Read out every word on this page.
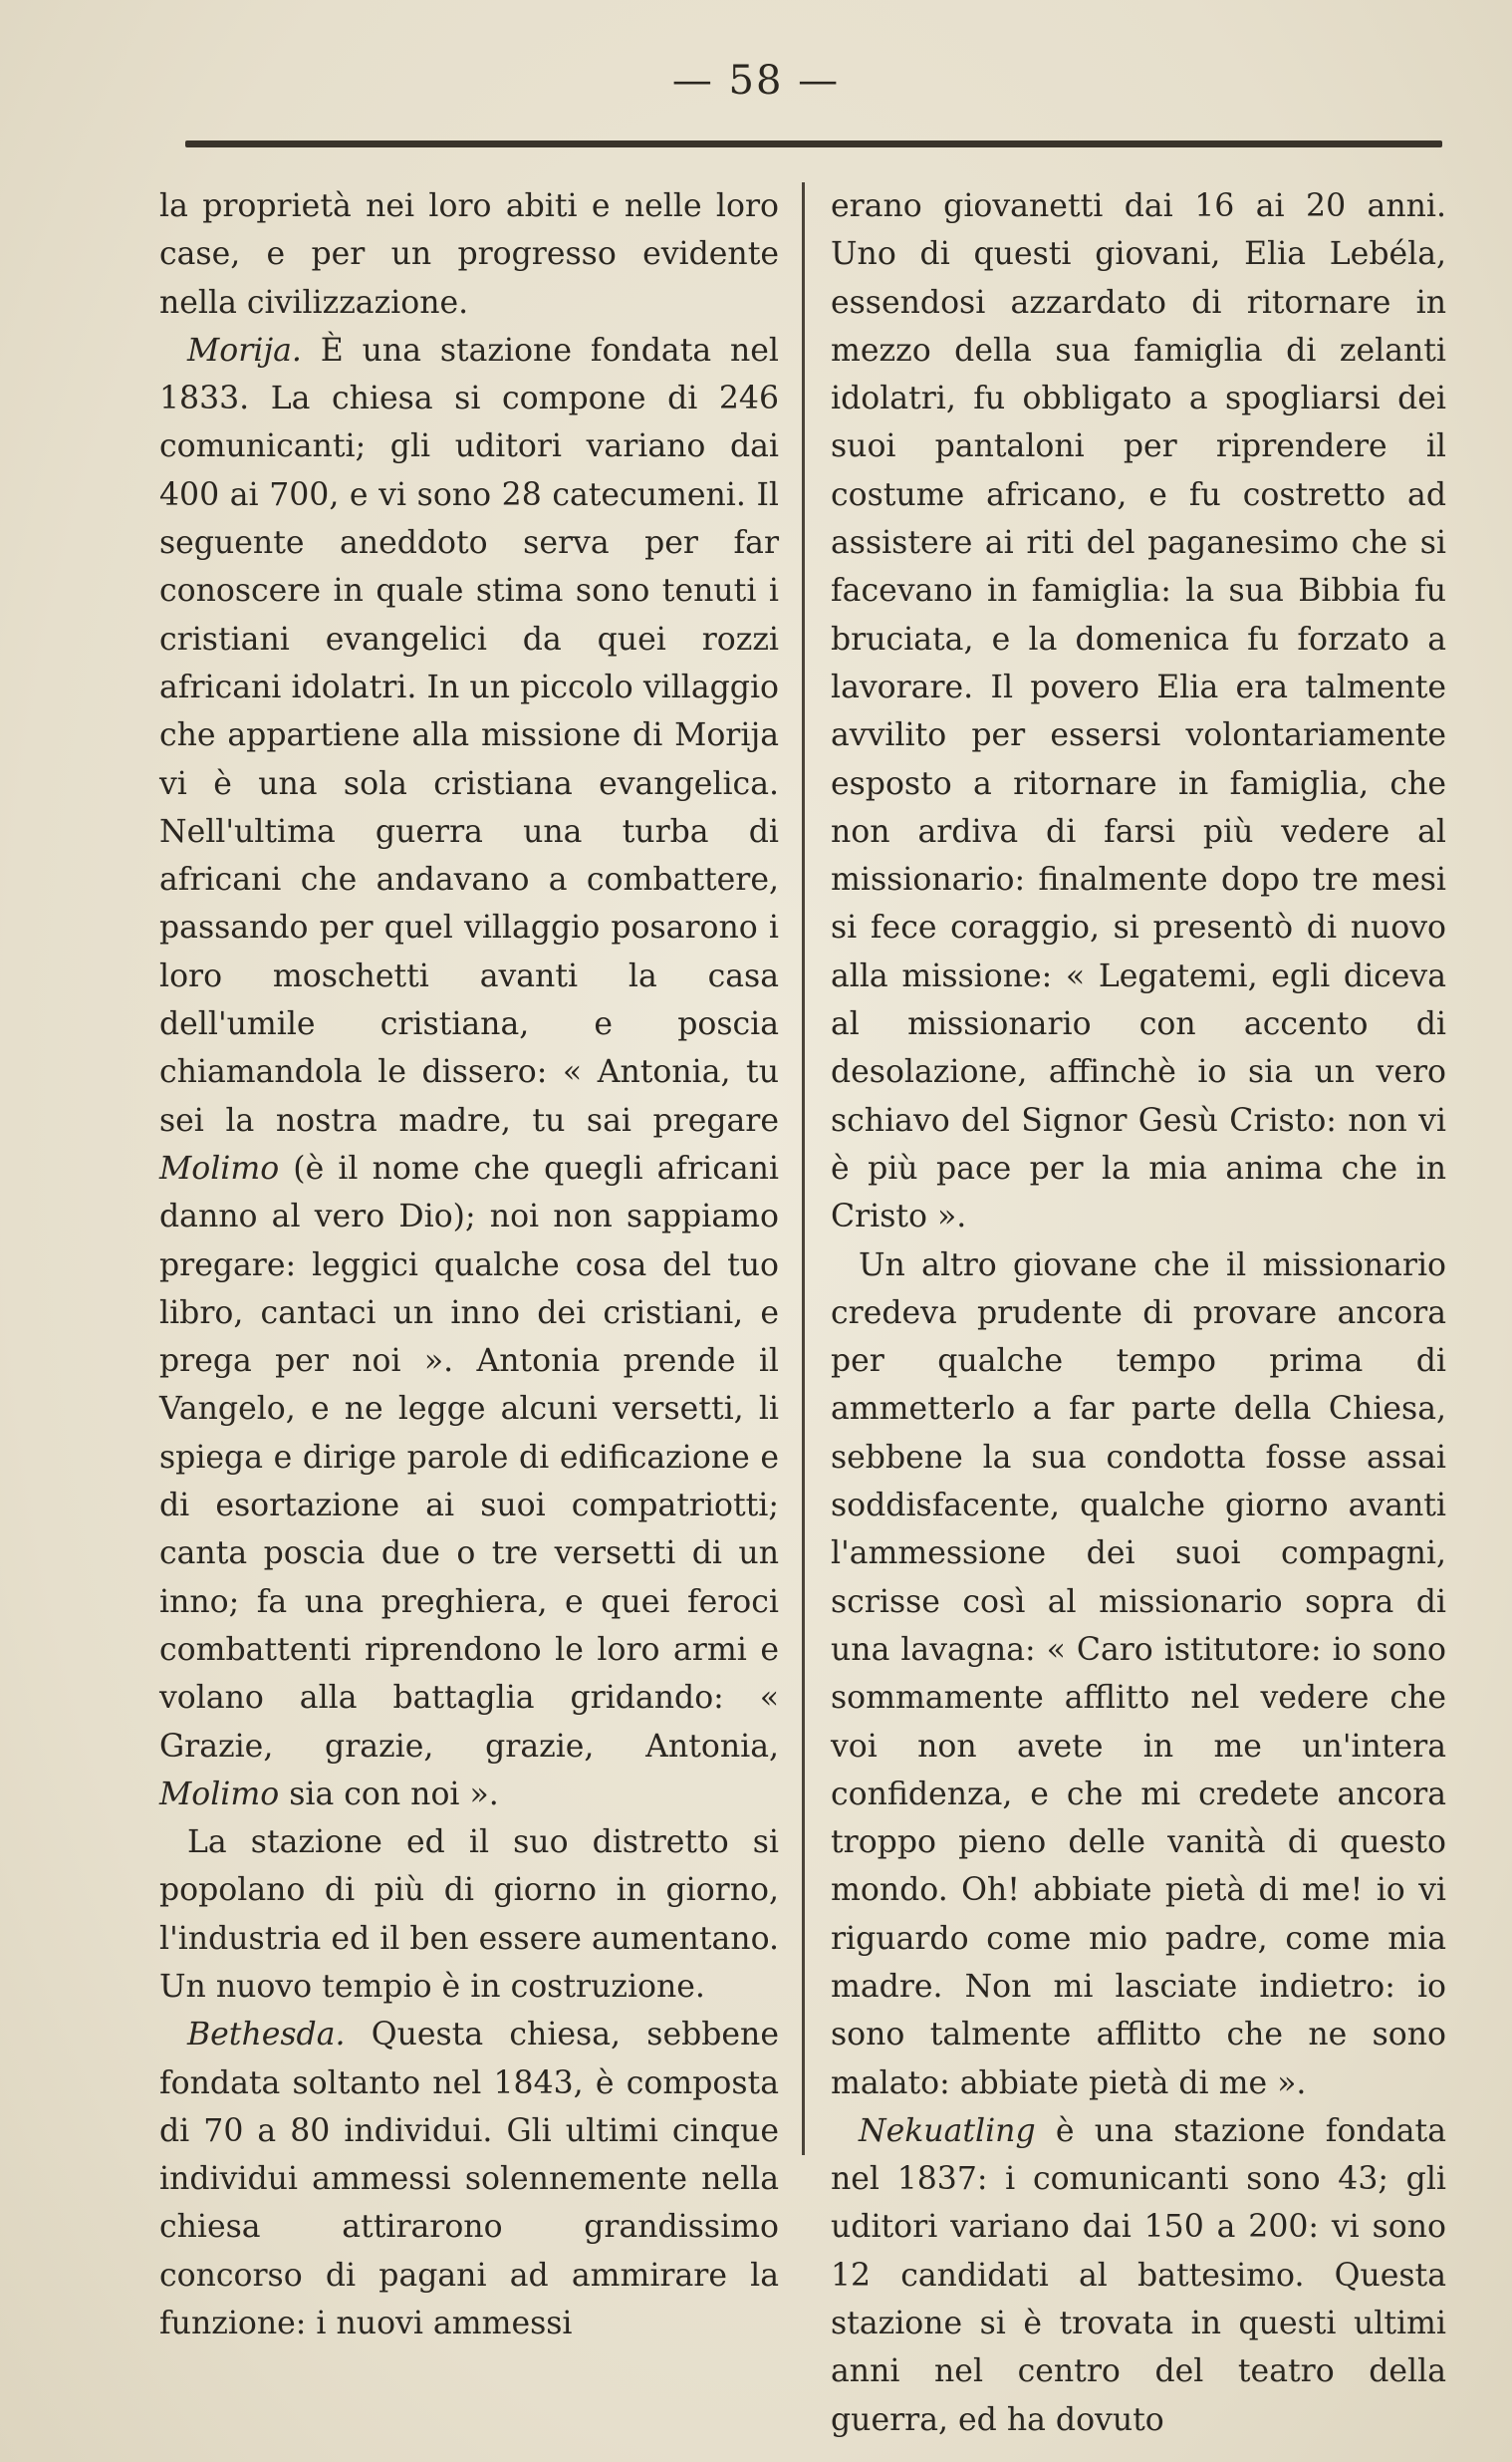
— 58 —

la proprietà nei loro abiti e nelle loro case, e per un progresso evidente nella civilizzazione.

Morija. È una stazione fondata nel 1833. La chiesa si compone di 246 comunicanti; gli uditori variano dai 400 ai 700, e vi sono 28 catecumeni. Il seguente aneddoto serva per far conoscere in quale stima sono tenuti i cristiani evangelici da quei rozzi africani idolatri. In un piccolo villaggio che appartiene alla missione di Morija vi è una sola cristiana evangelica. Nell'ultima guerra una turba di africani che andavano a combattere, passando per quel villaggio posarono i loro moschetti avanti la casa dell'umile cristiana, e poscia chiamandola le dissero: « Antonia, tu sei la nostra madre, tu sai pregare Molimo (è il nome che quegli africani danno al vero Dio); noi non sappiamo pregare: leggici qualche cosa del tuo libro, cantaci un inno dei cristiani, e prega per noi ». Antonia prende il Vangelo, e ne legge alcuni versetti, li spiega e dirige parole di edificazione e di esortazione ai suoi compatriotti; canta poscia due o tre versetti di un inno; fa una preghiera, e quei feroci combattenti riprendono le loro armi e volano alla battaglia gridando: « Grazie, grazie, grazie, Antonia, Molimo sia con noi ».

La stazione ed il suo distretto si popolano di più di giorno in giorno, l'industria ed il ben essere aumentano. Un nuovo tempio è in costruzione.

Bethesda. Questa chiesa, sebbene fondata soltanto nel 1843, è composta di 70 a 80 individui. Gli ultimi cinque individui ammessi solennemente nella chiesa attirarono grandissimo concorso di pagani ad ammirare la funzione: i nuovi ammessi

erano giovanetti dai 16 ai 20 anni. Uno di questi giovani, Elia Lebéla, essendosi azzardato di ritornare in mezzo della sua famiglia di zelanti idolatri, fu obbligato a spogliarsi dei suoi pantaloni per riprendere il costume africano, e fu costretto ad assistere ai riti del paganesimo che si facevano in famiglia: la sua Bibbia fu bruciata, e la domenica fu forzato a lavorare. Il povero Elia era talmente avvilito per essersi volontariamente esposto a ritornare in famiglia, che non ardiva di farsi più vedere al missionario: finalmente dopo tre mesi si fece coraggio, si presentò di nuovo alla missione: « Legatemi, egli diceva al missionario con accento di desolazione, affinchè io sia un vero schiavo del Signor Gesù Cristo: non vi è più pace per la mia anima che in Cristo ».

Un altro giovane che il missionario credeva prudente di provare ancora per qualche tempo prima di ammetterlo a far parte della Chiesa, sebbene la sua condotta fosse assai soddisfacente, qualche giorno avanti l'ammessione dei suoi compagni, scrisse così al missionario sopra di una lavagna: « Caro istitutore: io sono sommamente afflitto nel vedere che voi non avete in me un'intera confidenza, e che mi credete ancora troppo pieno delle vanità di questo mondo. Oh! abbiate pietà di me! io vi riguardo come mio padre, come mia madre. Non mi lasciate indietro: io sono talmente afflitto che ne sono malato: abbiate pietà di me ».

Nekuatling è una stazione fondata nel 1837: i comunicanti sono 43; gli uditori variano dai 150 a 200: vi sono 12 candidati al battesimo. Questa stazione si è trovata in questi ultimi anni nel centro del teatro della guerra, ed ha dovuto
